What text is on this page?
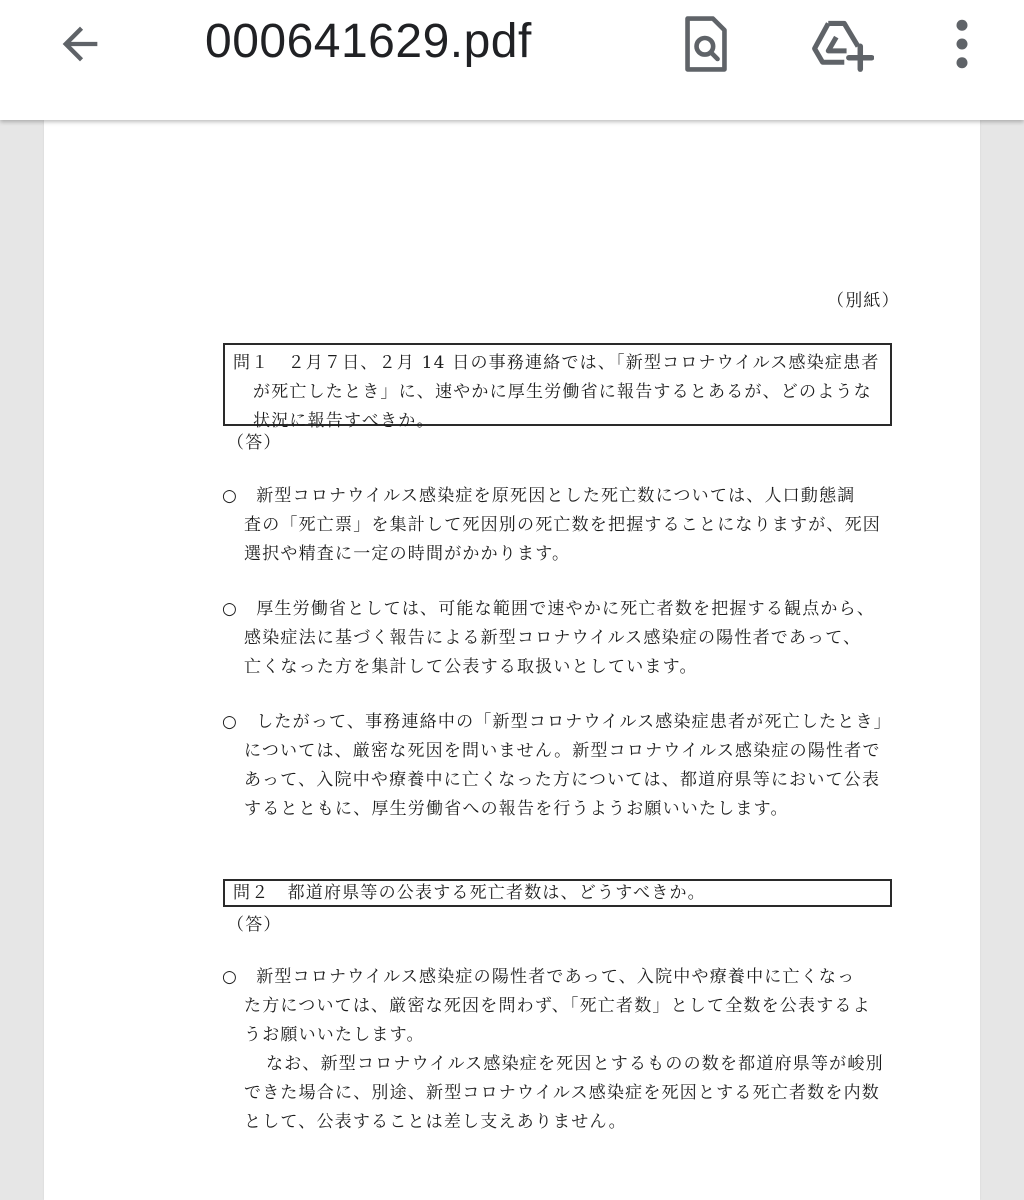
000641629.pdf
（別紙）
問１　２月７日、２月 14 日の事務連絡では、「新型コロナウイルス感染症患者
が死亡したとき」に、速やかに厚生労働省に報告するとあるが、どのような
状況に報告すべきか。
（答）
○　新型コロナウイルス感染症を原死因とした死亡数については、人口動態調
査の「死亡票」を集計して死因別の死亡数を把握することになりますが、死因
選択や精査に一定の時間がかかります。
○　厚生労働省としては、可能な範囲で速やかに死亡者数を把握する観点から、
感染症法に基づく報告による新型コロナウイルス感染症の陽性者であって、
亡くなった方を集計して公表する取扱いとしています。
○　したがって、事務連絡中の「新型コロナウイルス感染症患者が死亡したとき」
については、厳密な死因を問いません。新型コロナウイルス感染症の陽性者で
あって、入院中や療養中に亡くなった方については、都道府県等において公表
するとともに、厚生労働省への報告を行うようお願いいたします。
問２　都道府県等の公表する死亡者数は、どうすべきか。
（答）
○　新型コロナウイルス感染症の陽性者であって、入院中や療養中に亡くなっ
た方については、厳密な死因を問わず、「死亡者数」として全数を公表するよ
うお願いいたします。
なお、新型コロナウイルス感染症を死因とするものの数を都道府県等が峻別
できた場合に、別途、新型コロナウイルス感染症を死因とする死亡者数を内数
として、公表することは差し支えありません。
